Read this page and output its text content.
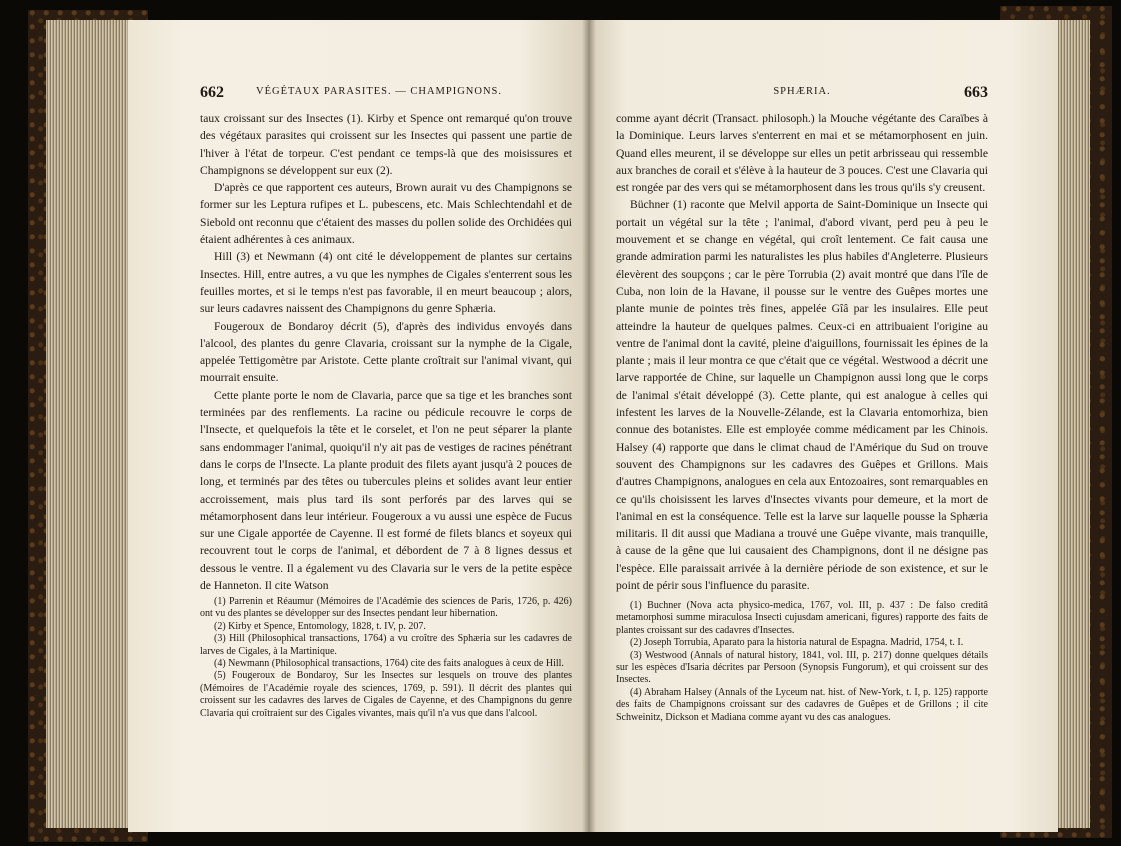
662	VÉGÉTAUX PARASITES. — CHAMPIGNONS.

taux croissant sur des Insectes (1). Kirby et Spence ont remarqué qu'on trouve des végétaux parasites qui croissent sur les Insectes qui passent une partie de l'hiver à l'état de torpeur. C'est pendant ce temps-là que des moisissures et Champignons se développent sur eux (2).

D'après ce que rapportent ces auteurs, Brown aurait vu des Champignons se former sur les Leptura rufipes et L. pubescens, etc. Mais Schlechtendahl et de Siebold ont reconnu que c'étaient des masses du pollen solide des Orchidées qui étaient adhérentes à ces animaux.

Hill (3) et Newmann (4) ont cité le développement de plantes sur certains Insectes. Hill, entre autres, a vu que les nymphes de Cigales s'enterrent sous les feuilles mortes, et si le temps n'est pas favorable, il en meurt beaucoup ; alors, sur leurs cadavres naissent des Champignons du genre Sphæria.

Fougeroux de Bondaroy décrit (5), d'après des individus envoyés dans l'alcool, des plantes du genre Clavaria, croissant sur la nymphe de la Cigale, appelée Tettigomètre par Aristote. Cette plante croîtrait sur l'animal vivant, qui mourrait ensuite.

Cette plante porte le nom de Clavaria, parce que sa tige et les branches sont terminées par des renflements. La racine ou pédicule recouvre le corps de l'Insecte, et quelquefois la tête et le corselet, et l'on ne peut séparer la plante sans endommager l'animal, quoiqu'il n'y ait pas de vestiges de racines pénétrant dans le corps de l'Insecte. La plante produit des filets ayant jusqu'à 2 pouces de long, et terminés par des têtes ou tubercules pleins et solides avant leur entier accroissement, mais plus tard ils sont perforés par des larves qui se métamorphosent dans leur intérieur. Fougeroux a vu aussi une espèce de Fucus sur une Cigale apportée de Cayenne. Il est formé de filets blancs et soyeux qui recouvrent tout le corps de l'animal, et débordent de 7 à 8 lignes dessus et dessous le ventre. Il a également vu des Clavaria sur le vers de la petite espèce de Hanneton. Il cite Watson

(1) Parrenin et Réaumur (Mémoires de l'Académie des sciences de Paris, 1726, p. 426) ont vu des plantes se développer sur des Insectes pendant leur hibernation.

(2) Kirby et Spence, Entomology, 1828, t. IV, p. 207.

(3) Hill (Philosophical transactions, 1764) a vu croître des Sphæria sur les cadavres de larves de Cigales, à la Martinique.

(4) Newmann (Philosophical transactions, 1764) cite des faits analogues à ceux de Hill.

(5) Fougeroux de Bondaroy, Sur les Insectes sur lesquels on trouve des plantes (Mémoires de l'Académie royale des sciences, 1769, p. 591). Il décrit des plantes qui croissent sur les cadavres des larves de Cigales de Cayenne, et des Champignons du genre Clavaria qui croîtraient sur des Cigales vivantes, mais qu'il n'a vus que dans l'alcool.

SPHÆRIA.	663

comme ayant décrit (Transact. philosoph.) la Mouche végétante des Caraïbes à la Dominique. Leurs larves s'enterrent en mai et se métamorphosent en juin. Quand elles meurent, il se développe sur elles un petit arbrisseau qui ressemble aux branches de corail et s'élève à la hauteur de 3 pouces. C'est une Clavaria qui est rongée par des vers qui se métamorphosent dans les trous qu'ils s'y creusent.

Büchner (1) raconte que Melvil apporta de Saint-Dominique un Insecte qui portait un végétal sur la tête ; l'animal, d'abord vivant, perd peu à peu le mouvement et se change en végétal, qui croît lentement. Ce fait causa une grande admiration parmi les naturalistes les plus habiles d'Angleterre. Plusieurs élevèrent des soupçons ; car le père Torrubia (2) avait montré que dans l'île de Cuba, non loin de la Havane, il pousse sur le ventre des Guêpes mortes une plante munie de pointes très fines, appelée Gîâ par les insulaires. Elle peut atteindre la hauteur de quelques palmes. Ceux-ci en attribuaient l'origine au ventre de l'animal dont la cavité, pleine d'aiguillons, fournissait les épines de la plante ; mais il leur montra ce que c'était que ce végétal. Westwood a décrit une larve rapportée de Chine, sur laquelle un Champignon aussi long que le corps de l'animal s'était développé (3). Cette plante, qui est analogue à celles qui infestent les larves de la Nouvelle-Zélande, est la Clavaria entomorhiza, bien connue des botanistes. Elle est employée comme médicament par les Chinois. Halsey (4) rapporte que dans le climat chaud de l'Amérique du Sud on trouve souvent des Champignons sur les cadavres des Guêpes et Grillons. Mais d'autres Champignons, analogues en cela aux Entozoaires, sont remarquables en ce qu'ils choisissent les larves d'Insectes vivants pour demeure, et la mort de l'animal en est la conséquence. Telle est la larve sur laquelle pousse la Sphæria militaris. Il dit aussi que Madiana a trouvé une Guêpe vivante, mais tranquille, à cause de la gêne que lui causaient des Champignons, dont il ne désigne pas l'espèce. Elle paraissait arrivée à la dernière période de son existence, et sur le point de périr sous l'influence du parasite.

(1) Buchner (Nova acta physico-medica, 1767, vol. III, p. 437 : De falso creditâ metamorphosi summe miraculosa Insecti cujusdam americani, figures) rapporte des faits de plantes croissant sur des cadavres d'Insectes.

(2) Joseph Torrubia, Aparato para la historia natural de Espagna. Madrid, 1754, t. I.

(3) Westwood (Annals of natural history, 1841, vol. III, p. 217) donne quelques détails sur les espèces d'Isaria décrites par Persoon (Synopsis Fungorum), et qui croissent sur des Insectes.

(4) Abraham Halsey (Annals of the Lyceum nat. hist. of New-York, t. I, p. 125) rapporte des faits de Champignons croissant sur des cadavres de Guêpes et de Grillons ; il cite Schweinitz, Dickson et Madiana comme ayant vu des cas analogues.
